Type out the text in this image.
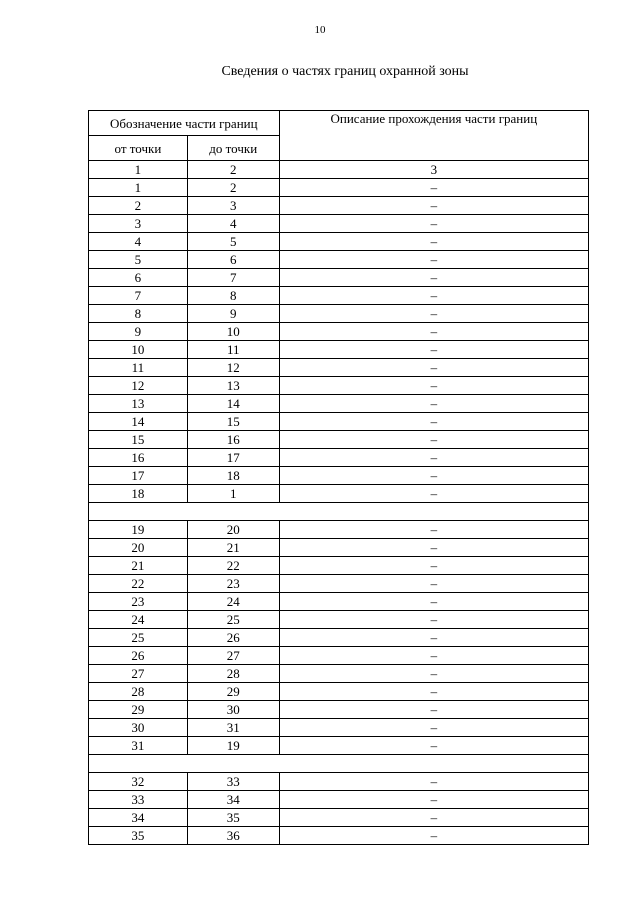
10
Сведения о частях границ охранной зоны
Обозначение части границ		Описание прохождения части границ
от точки	до точки	
1	2	3
1	2	–
2	3	–
3	4	–
4	5	–
5	6	–
6	7	–
7	8	–
8	9	–
9	10	–
10	11	–
11	12	–
12	13	–
13	14	–
14	15	–
15	16	–
16	17	–
17	18	–
18	1	–

19	20	–
20	21	–
21	22	–
22	23	–
23	24	–
24	25	–
25	26	–
26	27	–
27	28	–
28	29	–
29	30	–
30	31	–
31	19	–

32	33	–
33	34	–
34	35	–
35	36	–
